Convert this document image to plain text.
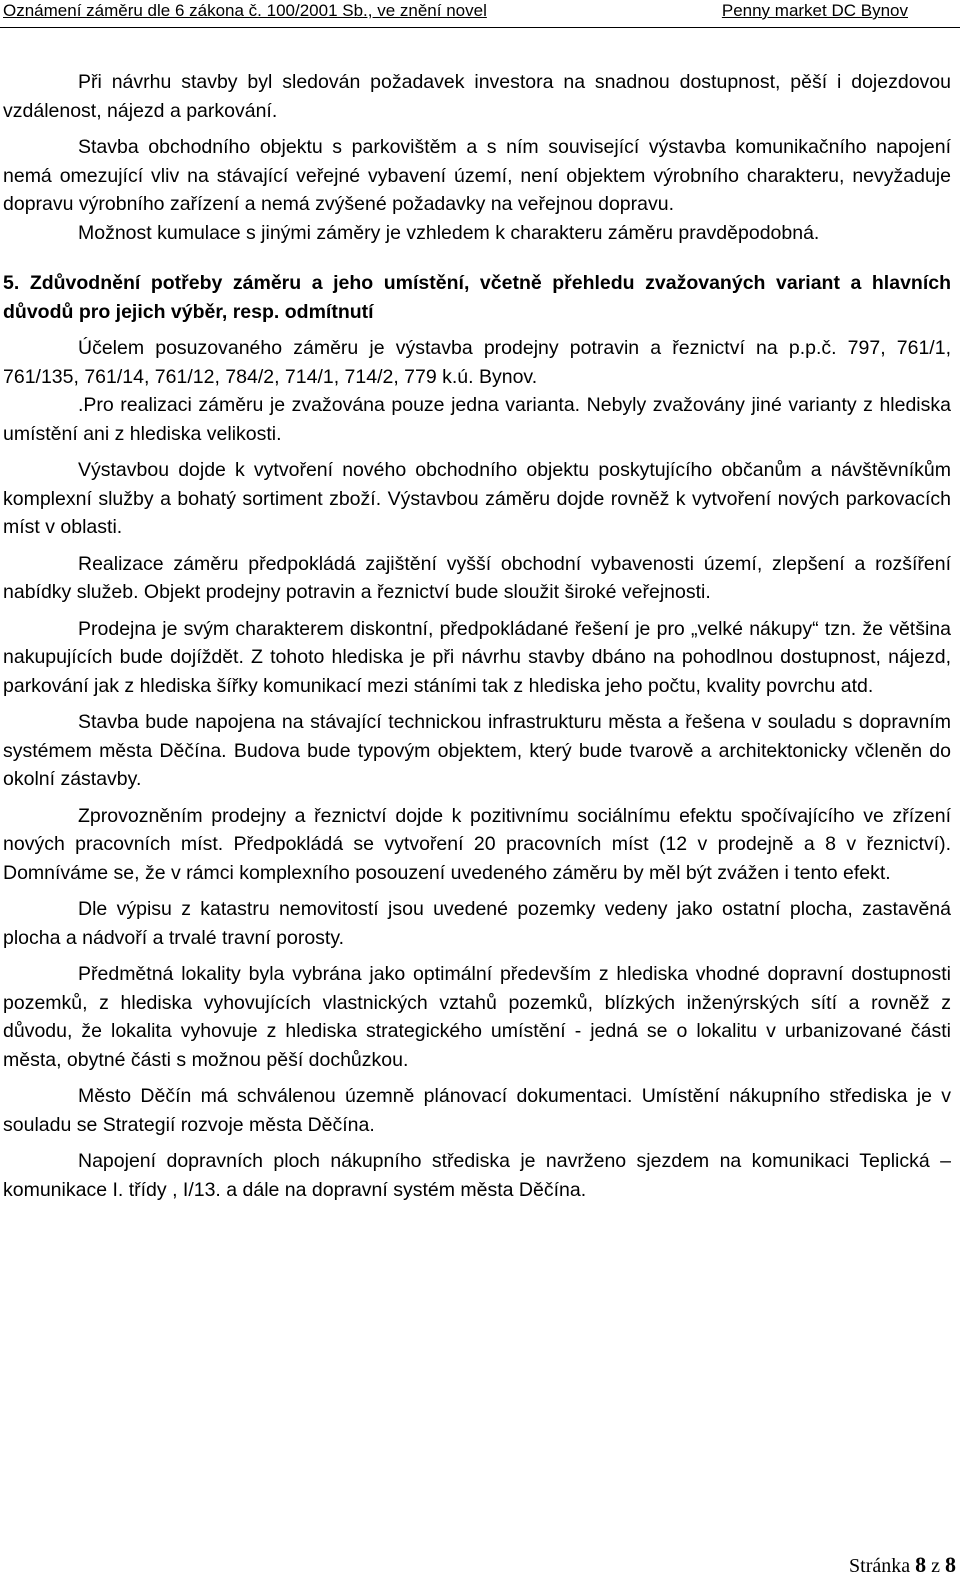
Oznámení záměru dle 6 zákona č. 100/2001 Sb., ve znění novel	Penny market DC Bynov

Při návrhu stavby byl sledován požadavek investora na snadnou dostupnost, pěší i dojezdovou vzdálenost, nájezd a parkování.

Stavba obchodního objektu s parkovištěm a s ním související výstavba komunikačního napojení nemá omezující vliv na stávající veřejné vybavení území, není objektem výrobního charakteru, nevyžaduje dopravu výrobního zařízení a nemá zvýšené požadavky na veřejnou dopravu.

Možnost kumulace s jinými záměry je vzhledem k charakteru záměru pravděpodobná.

5. Zdůvodnění potřeby záměru a jeho umístění, včetně přehledu zvažovaných variant a hlavních důvodů pro jejich výběr, resp. odmítnutí

Účelem posuzovaného záměru je výstavba prodejny potravin a řeznictví na p.p.č. 797, 761/1, 761/135, 761/14, 761/12, 784/2, 714/1, 714/2, 779 k.ú. Bynov.

.Pro realizaci záměru je zvažována pouze jedna varianta. Nebyly zvažovány jiné varianty z hlediska umístění ani z hlediska velikosti.

Výstavbou dojde k vytvoření nového obchodního objektu poskytujícího občanům a návštěvníkům komplexní služby a bohatý sortiment zboží. Výstavbou záměru dojde rovněž k vytvoření nových parkovacích míst v oblasti.

Realizace záměru předpokládá zajištění vyšší obchodní vybavenosti území, zlepšení a rozšíření nabídky služeb. Objekt prodejny potravin a řeznictví bude sloužit široké veřejnosti.

Prodejna je svým charakterem diskontní, předpokládané řešení je pro „velké nákupy“ tzn. že většina nakupujících bude dojíždět. Z tohoto hlediska je při návrhu stavby dbáno na pohodlnou dostupnost, nájezd, parkování jak z hlediska šířky komunikací mezi stáními tak z hlediska jeho počtu, kvality povrchu atd.

Stavba bude napojena na stávající technickou infrastrukturu města a řešena v souladu s dopravním systémem města Děčína. Budova bude typovým objektem, který bude tvarově a architektonicky včleněn do okolní zástavby.

Zprovozněním prodejny a řeznictví dojde k pozitivnímu sociálnímu efektu spočívajícího ve zřízení nových pracovních míst. Předpokládá se vytvoření 20 pracovních míst (12 v prodejně a 8 v řeznictví). Domníváme se, že v rámci komplexního posouzení uvedeného záměru by měl být zvážen i tento efekt.

Dle výpisu z katastru nemovitostí jsou uvedené pozemky vedeny jako ostatní plocha, zastavěná plocha a nádvoří a trvalé travní porosty.

Předmětná lokality byla vybrána jako optimální především z hlediska vhodné dopravní dostupnosti pozemků, z hlediska vyhovujících vlastnických vztahů pozemků, blízkých inženýrských sítí a rovněž z důvodu, že lokalita vyhovuje z hlediska strategického umístění - jedná se o lokalitu v urbanizované části města, obytné části s možnou pěší dochůzkou.

Město Děčín má schválenou územně plánovací dokumentaci. Umístění nákupního střediska je v souladu se Strategií rozvoje města Děčína.

Napojení dopravních ploch nákupního střediska je navrženo sjezdem na komunikaci Teplická – komunikace I. třídy , I/13. a dále na dopravní systém města Děčína.

Stránka 8 z 8
